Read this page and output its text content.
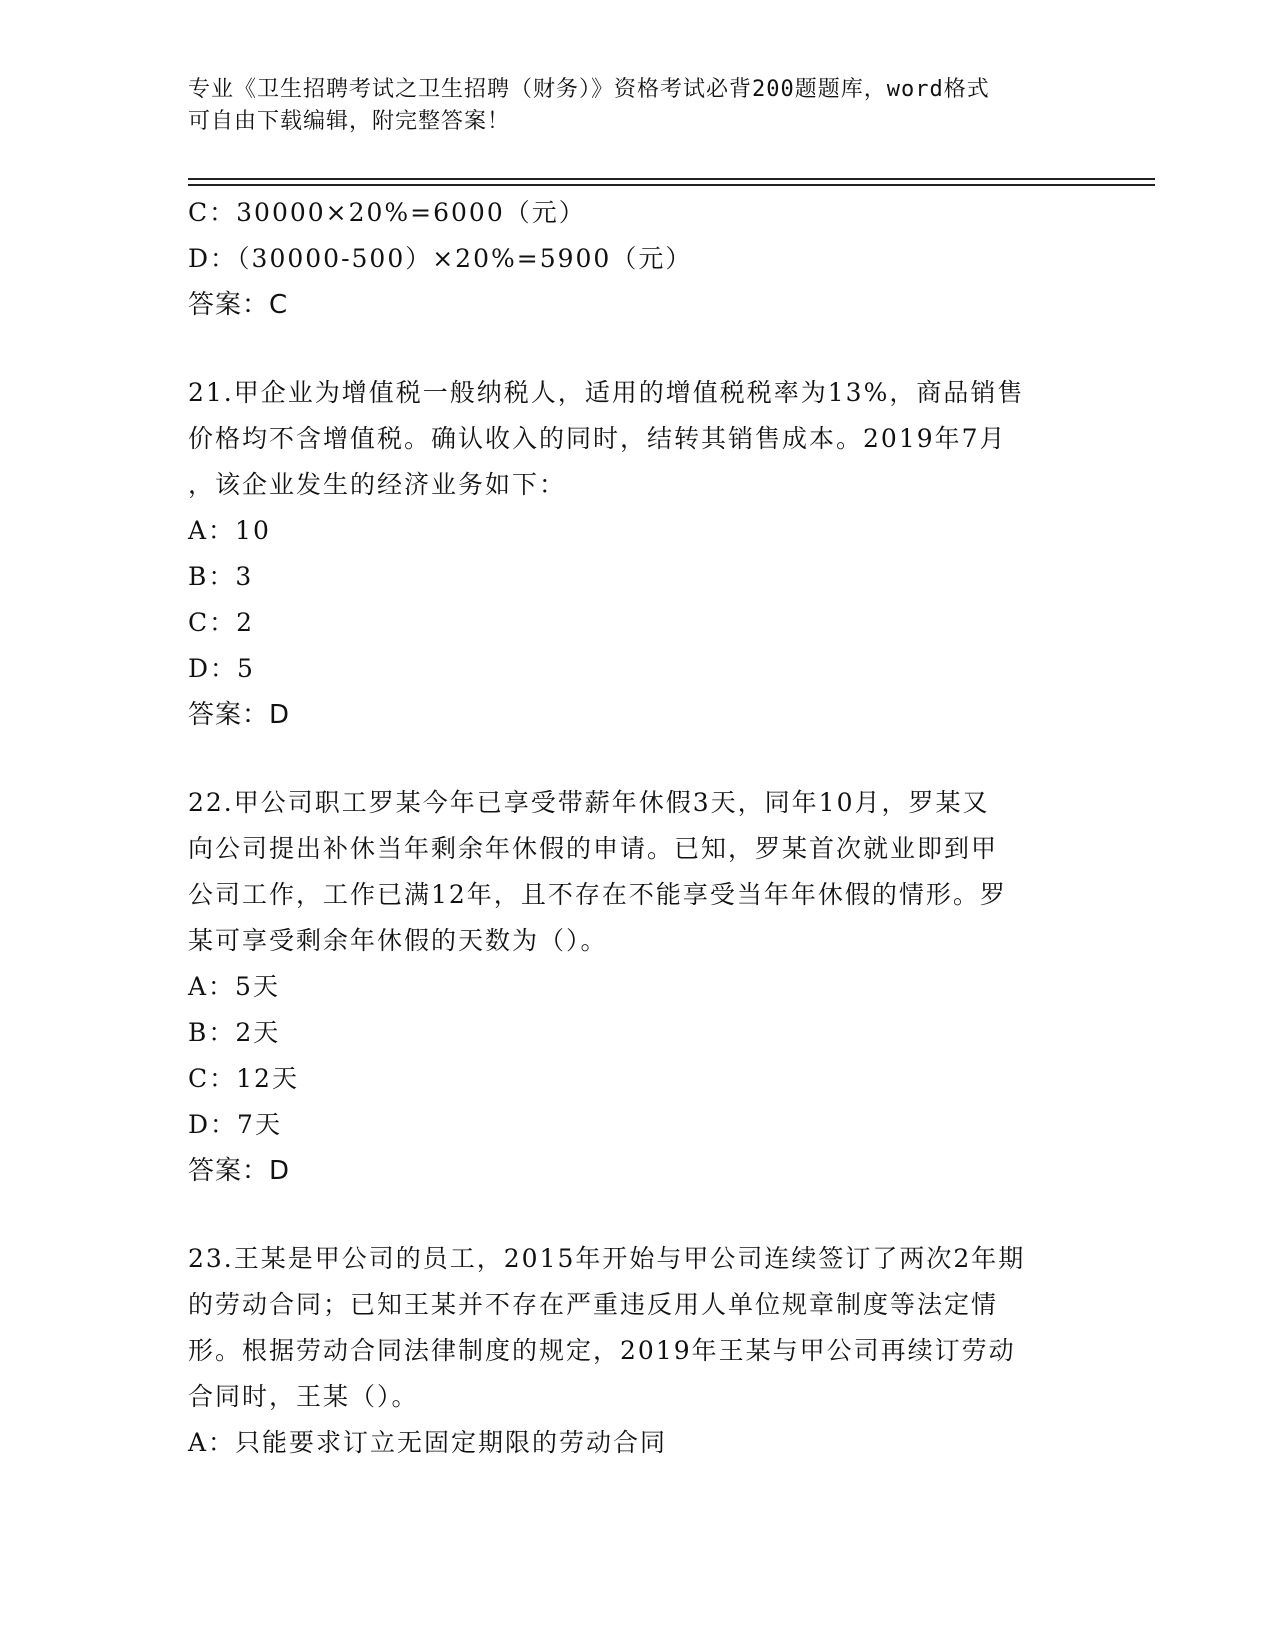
专业《卫生招聘考试之卫生招聘（财务）》资格考试必背200题题库，word格式
可自由下载编辑，附完整答案！
C：30000×20%=6000（元）
D：（30000-500）×20%=5900（元）
答案：C
21.甲企业为增值税一般纳税人，适用的增值税税率为13%，商品销售
价格均不含增值税。确认收入的同时，结转其销售成本。2019年7月
，该企业发生的经济业务如下：
A：10
B：3
C：2
D：5
答案：D
22.甲公司职工罗某今年已享受带薪年休假3天，同年10月，罗某又
向公司提出补休当年剩余年休假的申请。已知，罗某首次就业即到甲
公司工作，工作已满12年，且不存在不能享受当年年休假的情形。罗
某可享受剩余年休假的天数为（）。
A：5天
B：2天
C：12天
D：7天
答案：D
23.王某是甲公司的员工，2015年开始与甲公司连续签订了两次2年期
的劳动合同；已知王某并不存在严重违反用人单位规章制度等法定情
形。根据劳动合同法律制度的规定，2019年王某与甲公司再续订劳动
合同时，王某（）。
A：只能要求订立无固定期限的劳动合同
